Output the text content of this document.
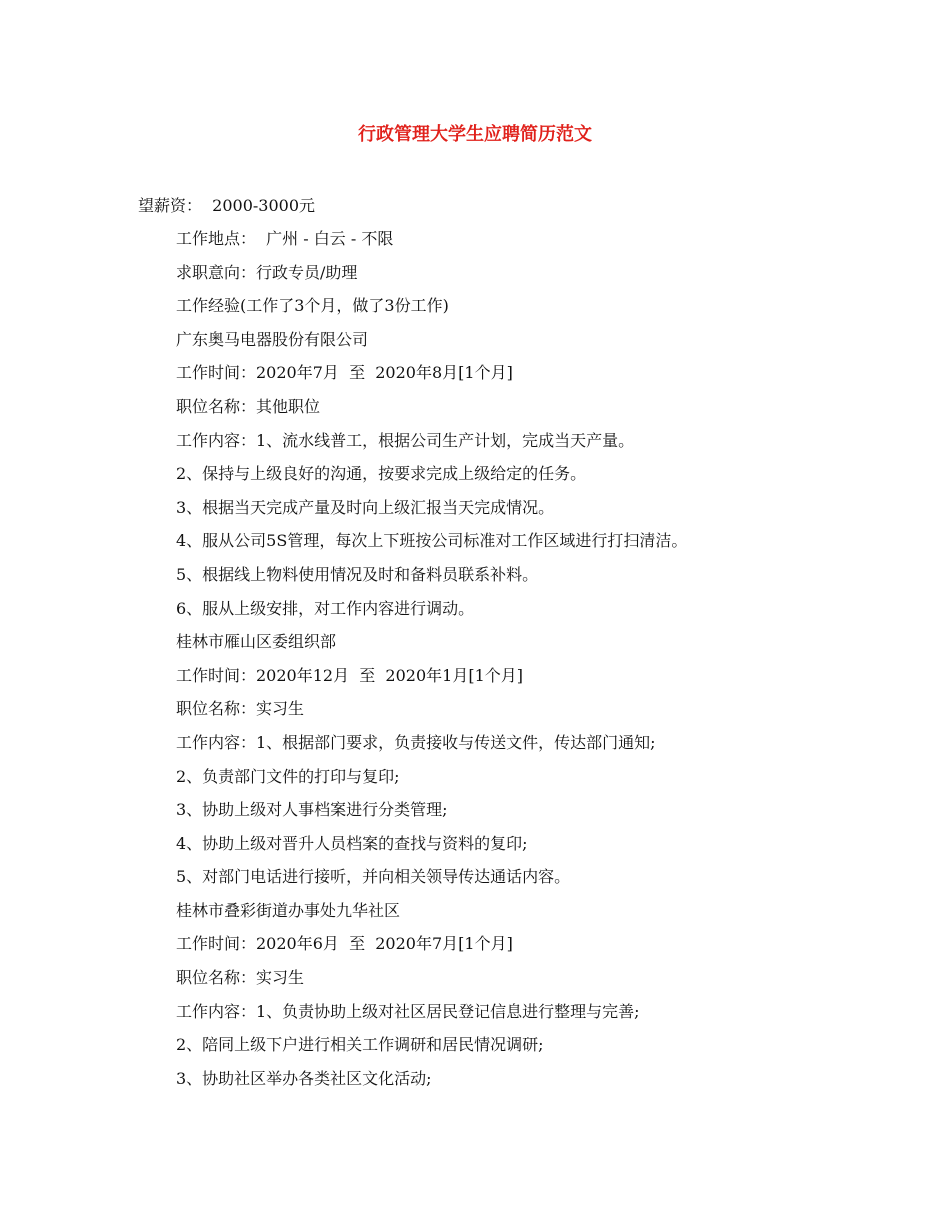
行政管理大学生应聘简历范文

望薪资：  2000-3000元

工作地点：  广州 - 白云 - 不限

求职意向：行政专员/助理

工作经验(工作了3个月，做了3份工作)

广东奥马电器股份有限公司

工作时间：2020年7月  至  2020年8月[1个月]

职位名称：其他职位

工作内容：1、流水线普工，根据公司生产计划，完成当天产量。

2、保持与上级良好的沟通，按要求完成上级给定的任务。

3、根据当天完成产量及时向上级汇报当天完成情况。

4、服从公司5S管理，每次上下班按公司标准对工作区域进行打扫清洁。

5、根据线上物料使用情况及时和备料员联系补料。

6、服从上级安排，对工作内容进行调动。

桂林市雁山区委组织部

工作时间：2020年12月  至  2020年1月[1个月]

职位名称：实习生

工作内容：1、根据部门要求，负责接收与传送文件，传达部门通知;

2、负责部门文件的打印与复印;

3、协助上级对人事档案进行分类管理;

4、协助上级对晋升人员档案的查找与资料的复印;

5、对部门电话进行接听，并向相关领导传达通话内容。

桂林市叠彩街道办事处九华社区

工作时间：2020年6月  至  2020年7月[1个月]

职位名称：实习生

工作内容：1、负责协助上级对社区居民登记信息进行整理与完善;

2、陪同上级下户进行相关工作调研和居民情况调研;

3、协助社区举办各类社区文化活动;
